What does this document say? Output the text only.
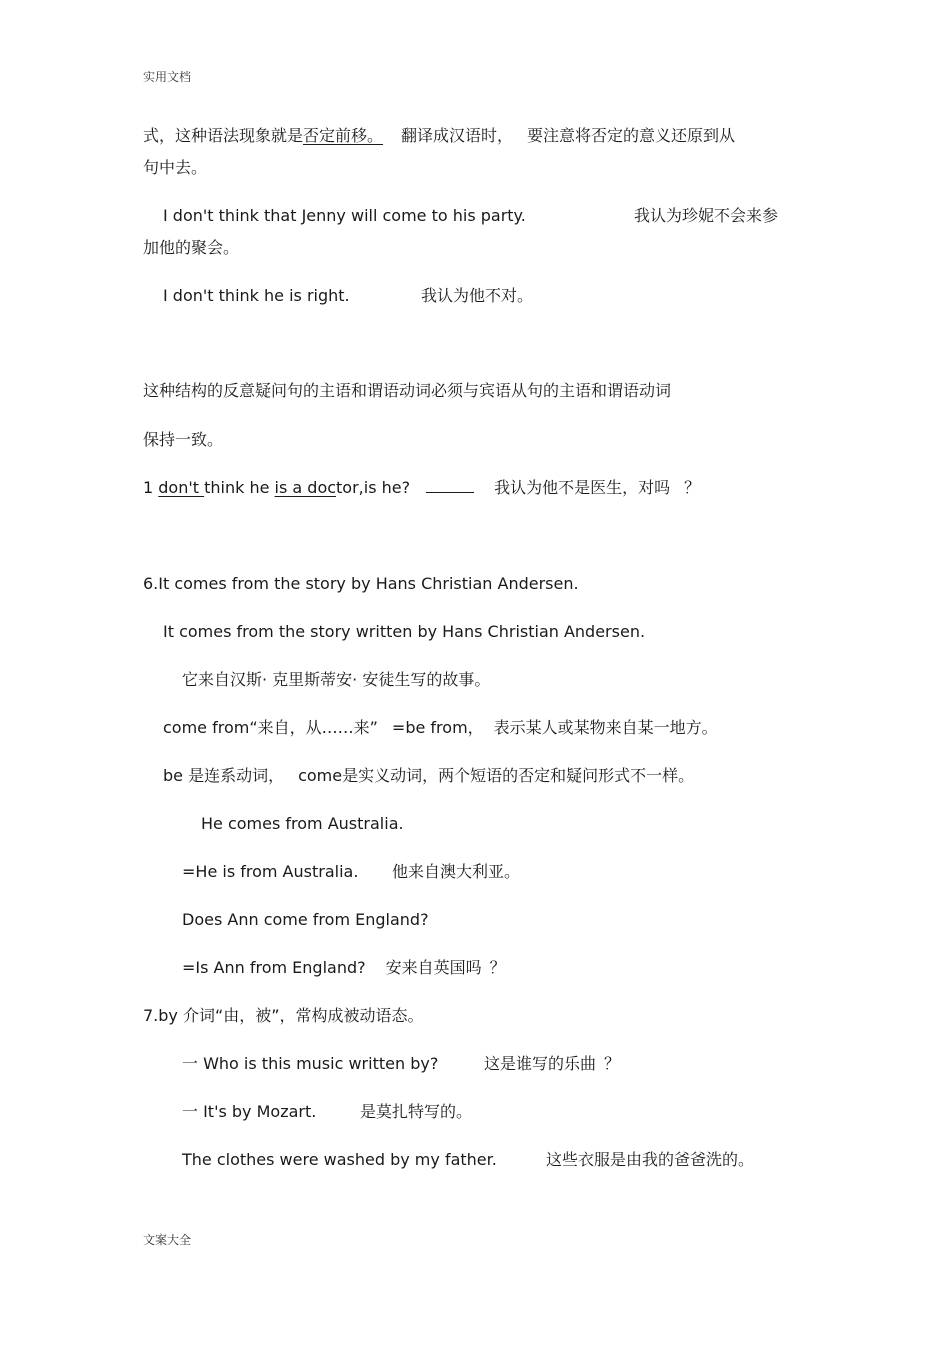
实用文档
式，这种语法现象就是否定前移。 翻译成汉语时， 要注意将否定的意义还原到从
句中去。
I don't think that Jenny will come to his party.	我认为珍妮不会来参
加他的聚会。
I don't think he is right.	我认为他不对。
这种结构的反意疑问句的主语和谓语动词必须与宾语从句的主语和谓语动词
保持一致。
1 don't think he is a doctor,is he?	我认为他不是医生，对吗 ？
6.It comes from the story by Hans Christian Andersen.
It comes from the story written by Hans Christian Andersen.
它来自汉斯· 克里斯蒂安· 安徒生写的故事。
come from“来自，从……来” =be from， 表示某人或某物来自某一地方。
be 是连系动词， come是实义动词，两个短语的否定和疑问形式不一样。
He comes from Australia.
=He is from Australia. 他来自澳大利亚。
Does Ann come from England?
=Is Ann from England? 安来自英国吗 ？
7.by 介词“由，被”，常构成被动语态。
一 Who is this music written by?	这是谁写的乐曲 ？
一 It's by Mozart.	是莫扎特写的。
The clothes were washed by my father.	这些衣服是由我的爸爸洗的。
文案大全
